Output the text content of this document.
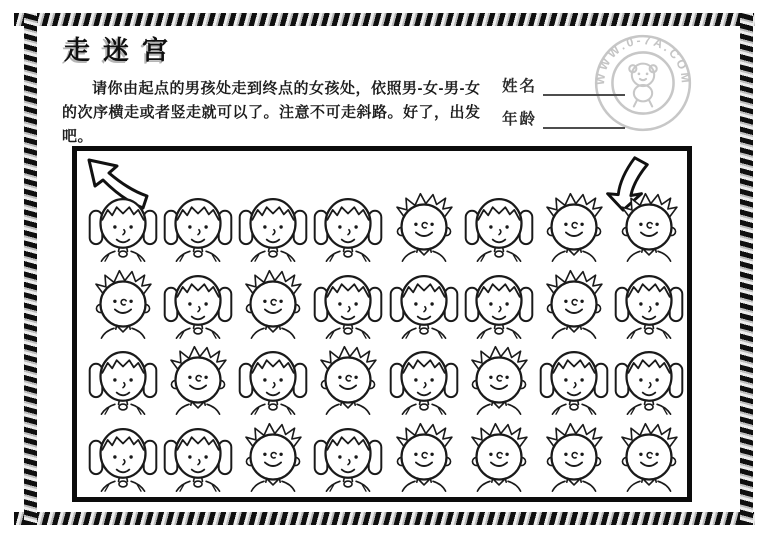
走迷宫
WWW.0-7A.COM
请你由起点的男孩处走到终点的女孩处，依照男-女-男-女的次序横走或者竖走就可以了。注意不可走斜路。好了，出发吧。
姓名
年龄
